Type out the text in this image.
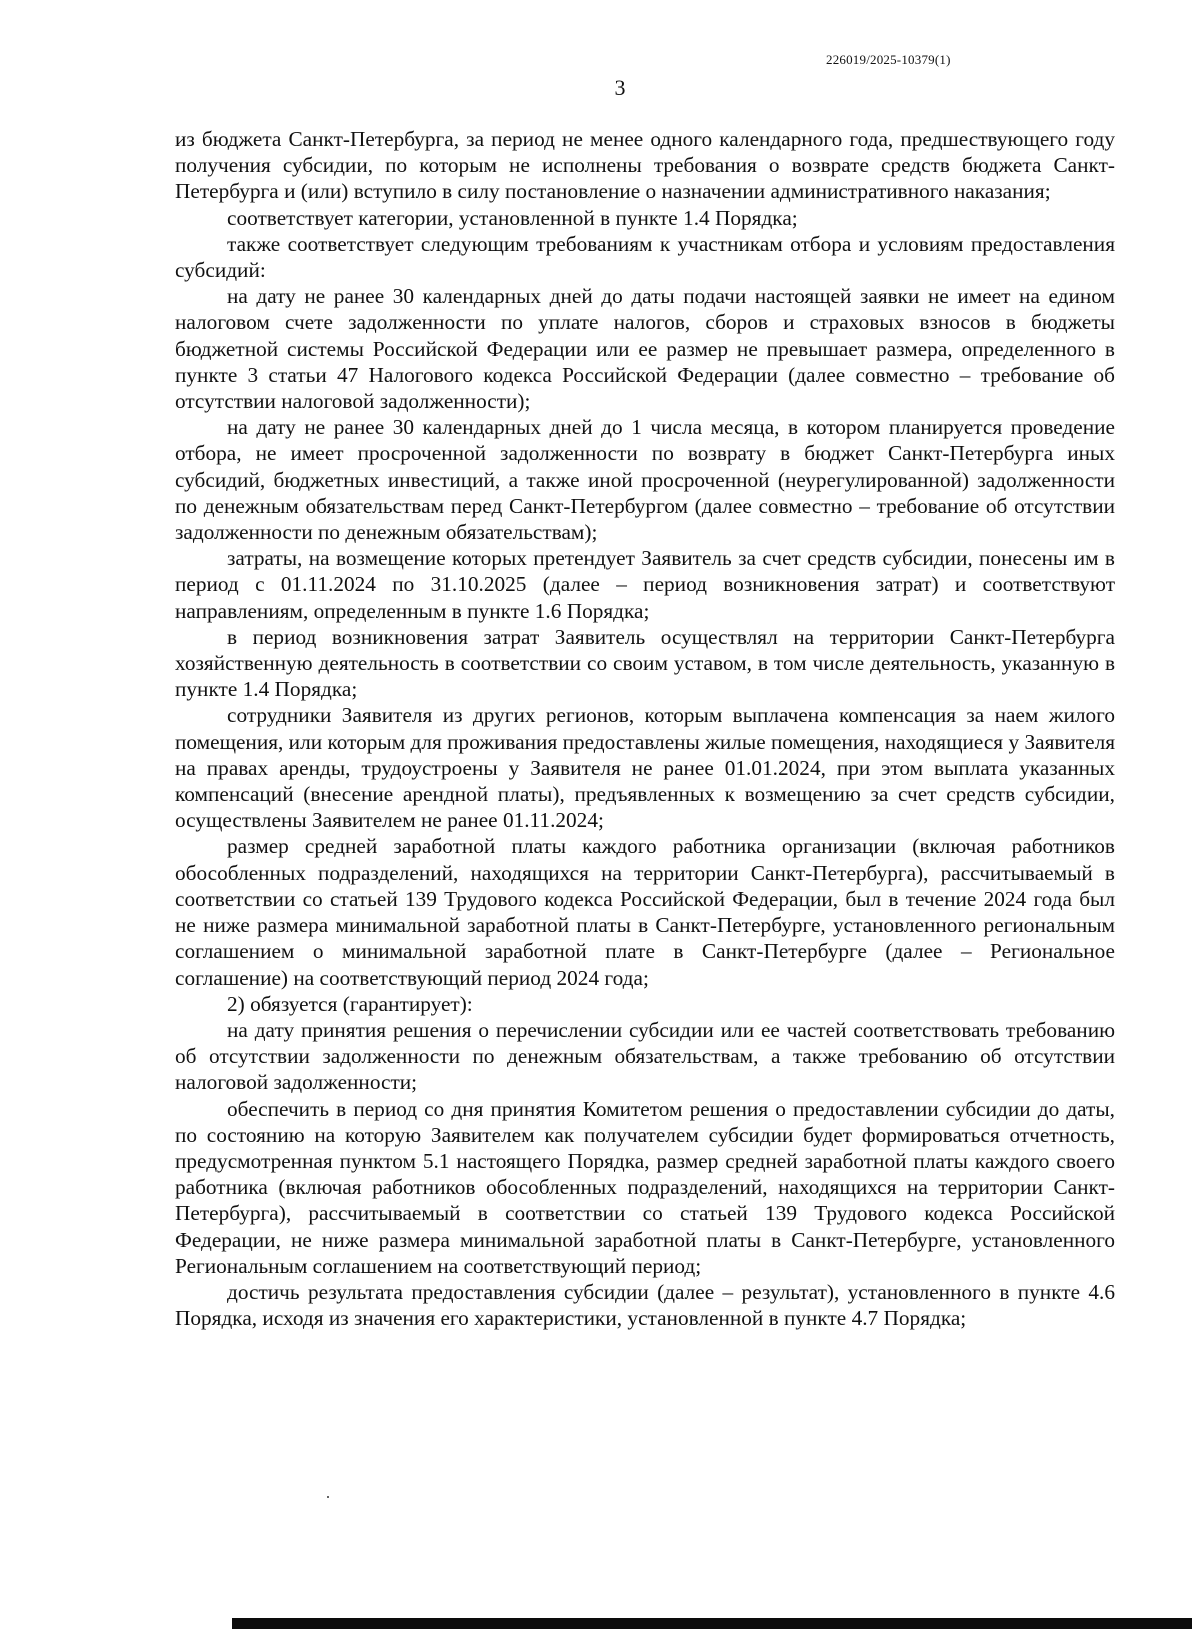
226019/2025-10379(1)
3

из бюджета Санкт-Петербурга, за период не менее одного календарного года, предшествующего году получения субсидии, по которым не исполнены требования о возврате средств бюджета Санкт-Петербурга и (или) вступило в силу постановление о назначении административного наказания;

соответствует категории, установленной в пункте 1.4 Порядка;

также соответствует следующим требованиям к участникам отбора и условиям предоставления субсидий:

на дату не ранее 30 календарных дней до даты подачи настоящей заявки не имеет на едином налоговом счете задолженности по уплате налогов, сборов и страховых взносов в бюджеты бюджетной системы Российской Федерации или ее размер не превышает размера, определенного в пункте 3 статьи 47 Налогового кодекса Российской Федерации (далее совместно – требование об отсутствии налоговой задолженности);

на дату не ранее 30 календарных дней до 1 числа месяца, в котором планируется проведение отбора, не имеет просроченной задолженности по возврату в бюджет Санкт-Петербурга иных субсидий, бюджетных инвестиций, а также иной просроченной (неурегулированной) задолженности по денежным обязательствам перед Санкт-Петербургом (далее совместно – требование об отсутствии задолженности по денежным обязательствам);

затраты, на возмещение которых претендует Заявитель за счет средств субсидии, понесены им в период с 01.11.2024 по 31.10.2025 (далее – период возникновения затрат) и соответствуют направлениям, определенным в пункте 1.6 Порядка;

в период возникновения затрат Заявитель осуществлял на территории Санкт-Петербурга хозяйственную деятельность в соответствии со своим уставом, в том числе деятельность, указанную в пункте 1.4 Порядка;

сотрудники Заявителя из других регионов, которым выплачена компенсация за наем жилого помещения, или которым для проживания предоставлены жилые помещения, находящиеся у Заявителя на правах аренды, трудоустроены у Заявителя не ранее 01.01.2024, при этом выплата указанных компенсаций (внесение арендной платы), предъявленных к возмещению за счет средств субсидии, осуществлены Заявителем не ранее 01.11.2024;

размер средней заработной платы каждого работника организации (включая работников обособленных подразделений, находящихся на территории Санкт-Петербурга), рассчитываемый в соответствии со статьей 139 Трудового кодекса Российской Федерации, был в течение 2024 года был не ниже размера минимальной заработной платы в Санкт-Петербурге, установленного региональным соглашением о минимальной заработной плате в Санкт-Петербурге (далее – Региональное соглашение) на соответствующий период 2024 года;

2) обязуется (гарантирует):

на дату принятия решения о перечислении субсидии или ее частей соответствовать требованию об отсутствии задолженности по денежным обязательствам, а также требованию об отсутствии налоговой задолженности;

обеспечить в период со дня принятия Комитетом решения о предоставлении субсидии до даты, по состоянию на которую Заявителем как получателем субсидии будет формироваться отчетность, предусмотренная пунктом 5.1 настоящего Порядка, размер средней заработной платы каждого своего работника (включая работников обособленных подразделений, находящихся на территории Санкт-Петербурга), рассчитываемый в соответствии со статьей 139 Трудового кодекса Российской Федерации, не ниже размера минимальной заработной платы в Санкт-Петербурге, установленного Региональным соглашением на соответствующий период;

достичь результата предоставления субсидии (далее – результат), установленного в пункте 4.6 Порядка, исходя из значения его характеристики, установленной в пункте 4.7 Порядка;
